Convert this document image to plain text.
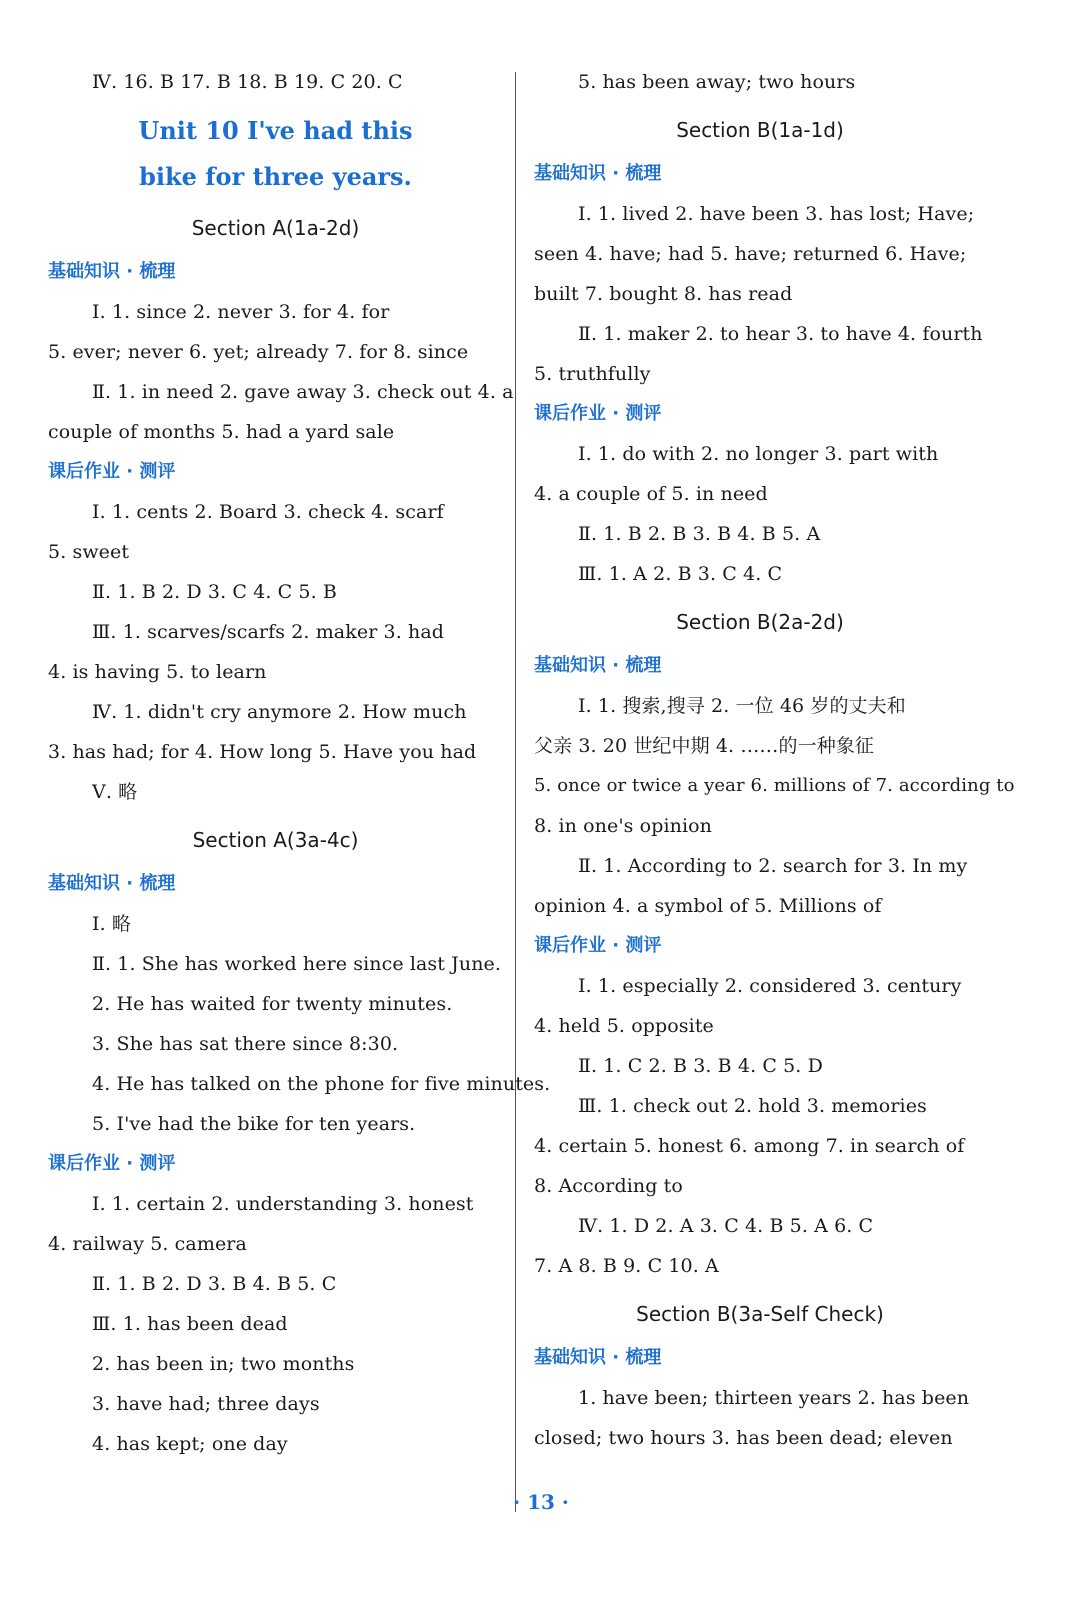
Ⅳ. 16. B 17. B 18. B 19. C 20. C
Unit 10 I've had this
bike for three years.
Section A(1a-2d)
基础知识 · 梳理
Ⅰ. 1. since 2. never 3. for 4. for
5. ever; never 6. yet; already 7. for 8. since
Ⅱ. 1. in need 2. gave away 3. check out 4. a
couple of months 5. had a yard sale
课后作业 · 测评
Ⅰ. 1. cents 2. Board 3. check 4. scarf
5. sweet
Ⅱ. 1. B 2. D 3. C 4. C 5. B
Ⅲ. 1. scarves/scarfs 2. maker 3. had
4. is having 5. to learn
Ⅳ. 1. didn't cry anymore 2. How much
3. has had; for 4. How long 5. Have you had
Ⅴ. 略
Section A(3a-4c)
基础知识 · 梳理
Ⅰ. 略
Ⅱ. 1. She has worked here since last June.
2. He has waited for twenty minutes.
3. She has sat there since 8:30.
4. He has talked on the phone for five minutes.
5. I've had the bike for ten years.
课后作业 · 测评
Ⅰ. 1. certain 2. understanding 3. honest
4. railway 5. camera
Ⅱ. 1. B 2. D 3. B 4. B 5. C
Ⅲ. 1. has been dead
2. has been in; two months
3. have had; three days
4. has kept; one day
5. has been away; two hours
Section B(1a-1d)
基础知识 · 梳理
Ⅰ. 1. lived 2. have been 3. has lost; Have;
seen 4. have; had 5. have; returned 6. Have;
built 7. bought 8. has read
Ⅱ. 1. maker 2. to hear 3. to have 4. fourth
5. truthfully
课后作业 · 测评
Ⅰ. 1. do with 2. no longer 3. part with
4. a couple of 5. in need
Ⅱ. 1. B 2. B 3. B 4. B 5. A
Ⅲ. 1. A 2. B 3. C 4. C
Section B(2a-2d)
基础知识 · 梳理
Ⅰ. 1. 搜索,搜寻 2. 一位 46 岁的丈夫和
父亲 3. 20 世纪中期 4. ……的一种象征
5. once or twice a year 6. millions of 7. according to
8. in one's opinion
Ⅱ. 1. According to 2. search for 3. In my
opinion 4. a symbol of 5. Millions of
课后作业 · 测评
Ⅰ. 1. especially 2. considered 3. century
4. held 5. opposite
Ⅱ. 1. C 2. B 3. B 4. C 5. D
Ⅲ. 1. check out 2. hold 3. memories
4. certain 5. honest 6. among 7. in search of
8. According to
Ⅳ. 1. D 2. A 3. C 4. B 5. A 6. C
7. A 8. B 9. C 10. A
Section B(3a-Self Check)
基础知识 · 梳理
1. have been; thirteen years 2. has been
closed; two hours 3. has been dead; eleven
· 13 ·
